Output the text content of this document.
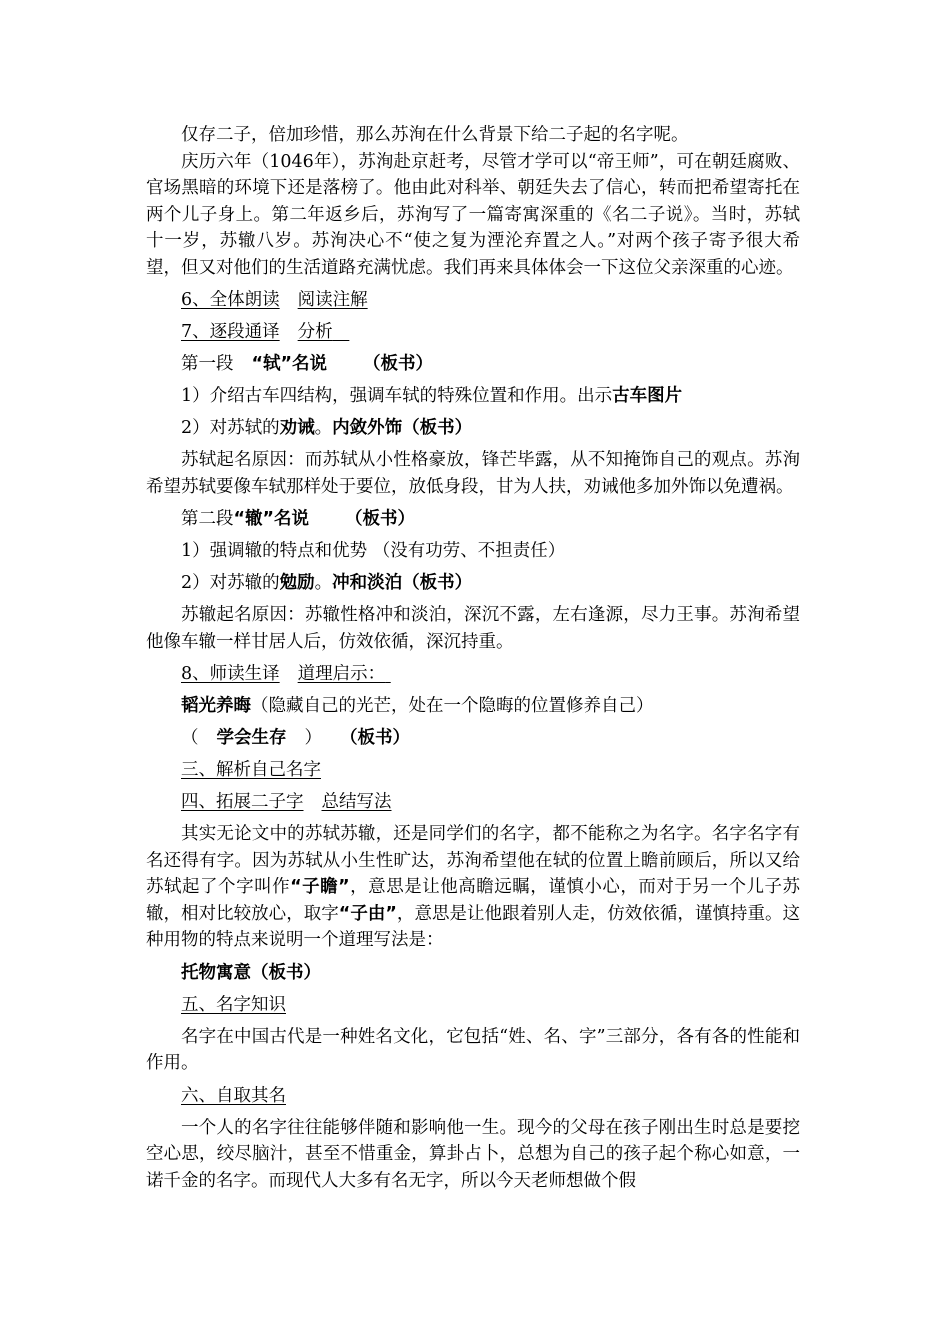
仅存二子，倍加珍惜，那么苏洵在什么背景下给二子起的名字呢。

庆历六年（1046年），苏洵赴京赶考，尽管才学可以“帝王师”，可在朝廷腐败、官场黑暗的环境下还是落榜了。他由此对科举、朝廷失去了信心，转而把希望寄托在两个儿子身上。第二年返乡后，苏洵写了一篇寄寓深重的《名二子说》。当时，苏轼十一岁，苏辙八岁。苏洵决心不“使之复为湮沦弃置之人。”对两个孩子寄予很大希望，但又对他们的生活道路充满忧虑。我们再来具体体会一下这位父亲深重的心迹。

6、全体朗读 阅读注解

7、逐段通译 分析

第一段 “轼”名说 （板书）

1）介绍古车四结构，强调车轼的特殊位置和作用。出示古车图片

2）对苏轼的劝诫。内敛外饰（板书）

苏轼起名原因：而苏轼从小性格豪放，锋芒毕露，从不知掩饰自己的观点。苏洵希望苏轼要像车轼那样处于要位，放低身段，甘为人扶，劝诫他多加外饰以免遭祸。

第二段“辙”名说 （板书）

1）强调辙的特点和优势 （没有功劳、不担责任）

2）对苏辙的勉励。冲和淡泊（板书）

苏辙起名原因：苏辙性格冲和淡泊，深沉不露，左右逢源，尽力王事。苏洵希望他像车辙一样甘居人后，仿效依循，深沉持重。

8、师读生译 道理启示：

韬光养晦（隐藏自己的光芒，处在一个隐晦的位置修养自己）

（ 学会生存 ） （板书）

三、解析自己名字

四、拓展二子字 总结写法

其实无论文中的苏轼苏辙，还是同学们的名字，都不能称之为名字。名字名字有名还得有字。因为苏轼从小生性旷达，苏洵希望他在轼的位置上瞻前顾后，所以又给苏轼起了个字叫作“子瞻”，意思是让他高瞻远瞩，谨慎小心，而对于另一个儿子苏辙，相对比较放心，取字“子由”，意思是让他跟着别人走，仿效依循，谨慎持重。这种用物的特点来说明一个道理写法是：

托物寓意（板书）

五、名字知识

名字在中国古代是一种姓名文化，它包括“姓、名、字”三部分，各有各的性能和作用。

六、自取其名

一个人的名字往往能够伴随和影响他一生。现今的父母在孩子刚出生时总是要挖空心思，绞尽脑汁，甚至不惜重金，算卦占卜，总想为自己的孩子起个称心如意，一诺千金的名字。而现代人大多有名无字，所以今天老师想做个假
